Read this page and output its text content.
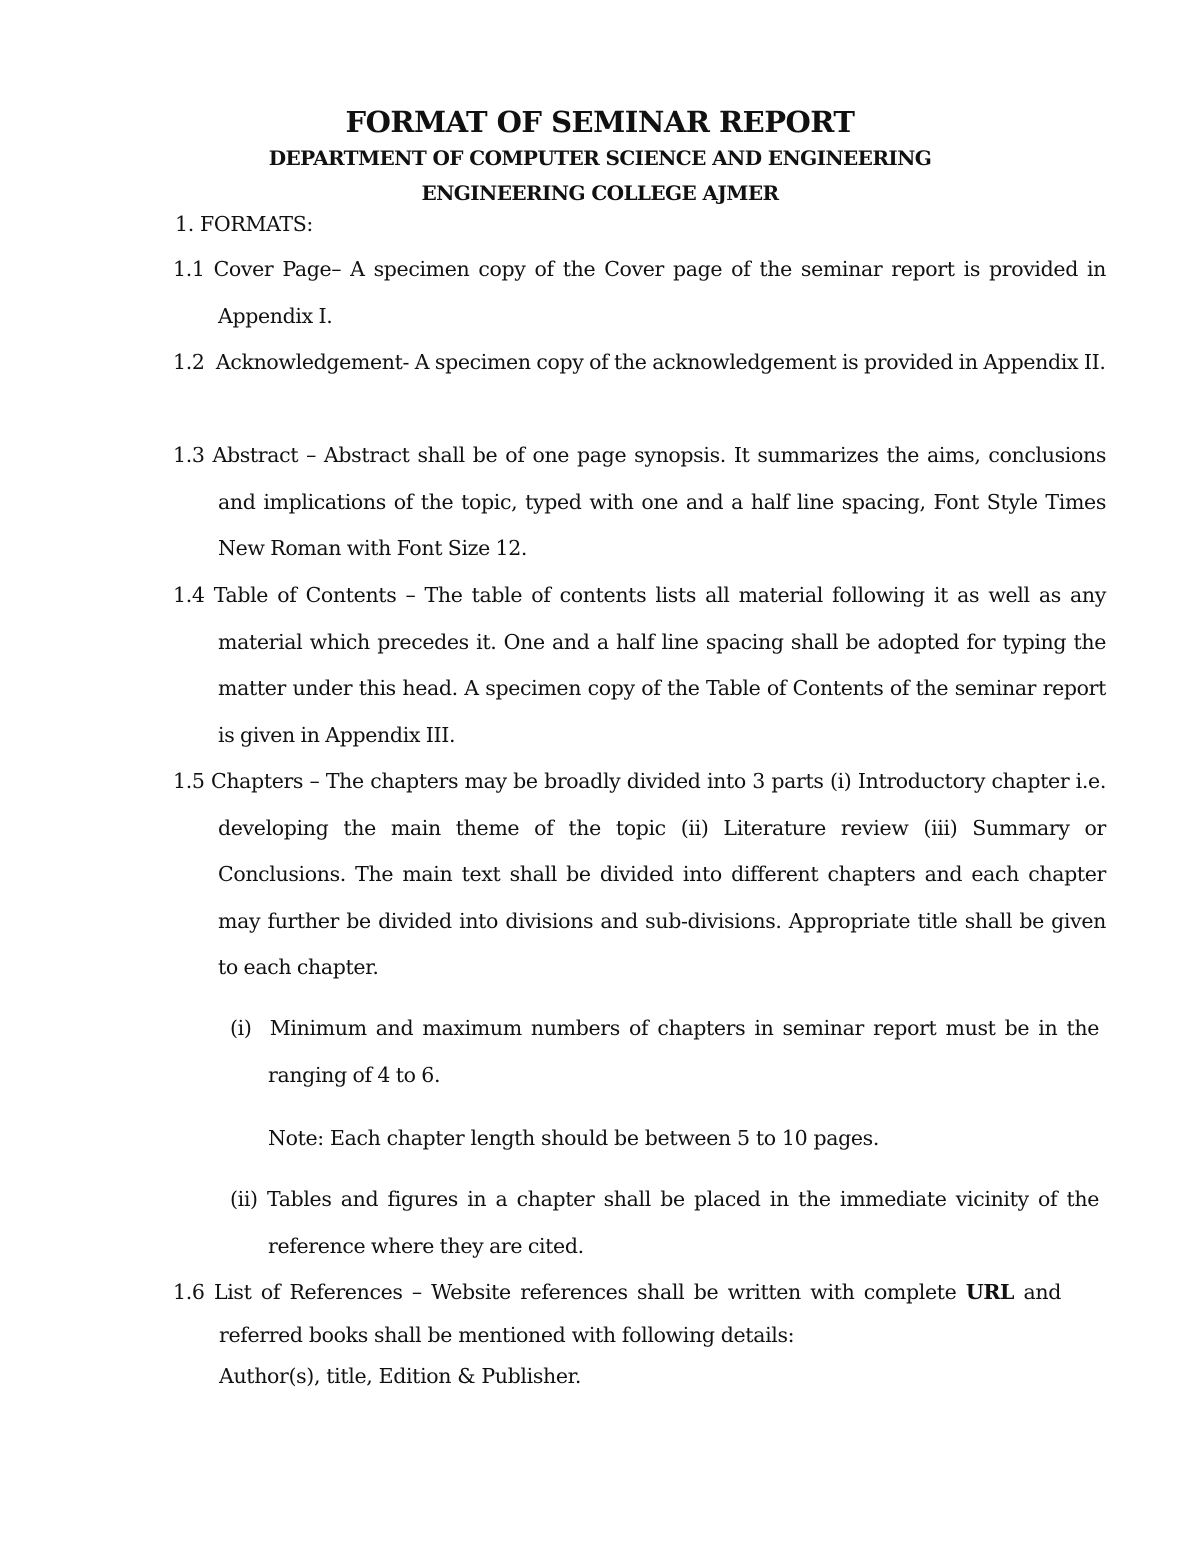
FORMAT OF SEMINAR REPORT
DEPARTMENT OF COMPUTER SCIENCE AND ENGINEERING
ENGINEERING COLLEGE AJMER
1. FORMATS:
1.1 Cover Page– A specimen copy of the Cover page of the seminar report is provided in Appendix I.
1.2 Acknowledgement- A specimen copy of the acknowledgement is provided in Appendix II.
1.3 Abstract – Abstract shall be of one page synopsis. It summarizes the aims, conclusions and implications of the topic, typed with one and a half line spacing, Font Style Times New Roman with Font Size 12.
1.4 Table of Contents – The table of contents lists all material following it as well as any material which precedes it. One and a half line spacing shall be adopted for typing the matter under this head. A specimen copy of the Table of Contents of the seminar report is given in Appendix III.
1.5 Chapters – The chapters may be broadly divided into 3 parts (i) Introductory chapter i.e. developing the main theme of the topic (ii) Literature review (iii) Summary or Conclusions. The main text shall be divided into different chapters and each chapter may further be divided into divisions and sub-divisions. Appropriate title shall be given to each chapter.
(i) Minimum and maximum numbers of chapters in seminar report must be in the ranging of 4 to 6.
Note: Each chapter length should be between 5 to 10 pages.
(ii) Tables and figures in a chapter shall be placed in the immediate vicinity of the reference where they are cited.
1.6 List of References – Website references shall be written with complete URL and
referred books shall be mentioned with following details:
Author(s), title, Edition & Publisher.
